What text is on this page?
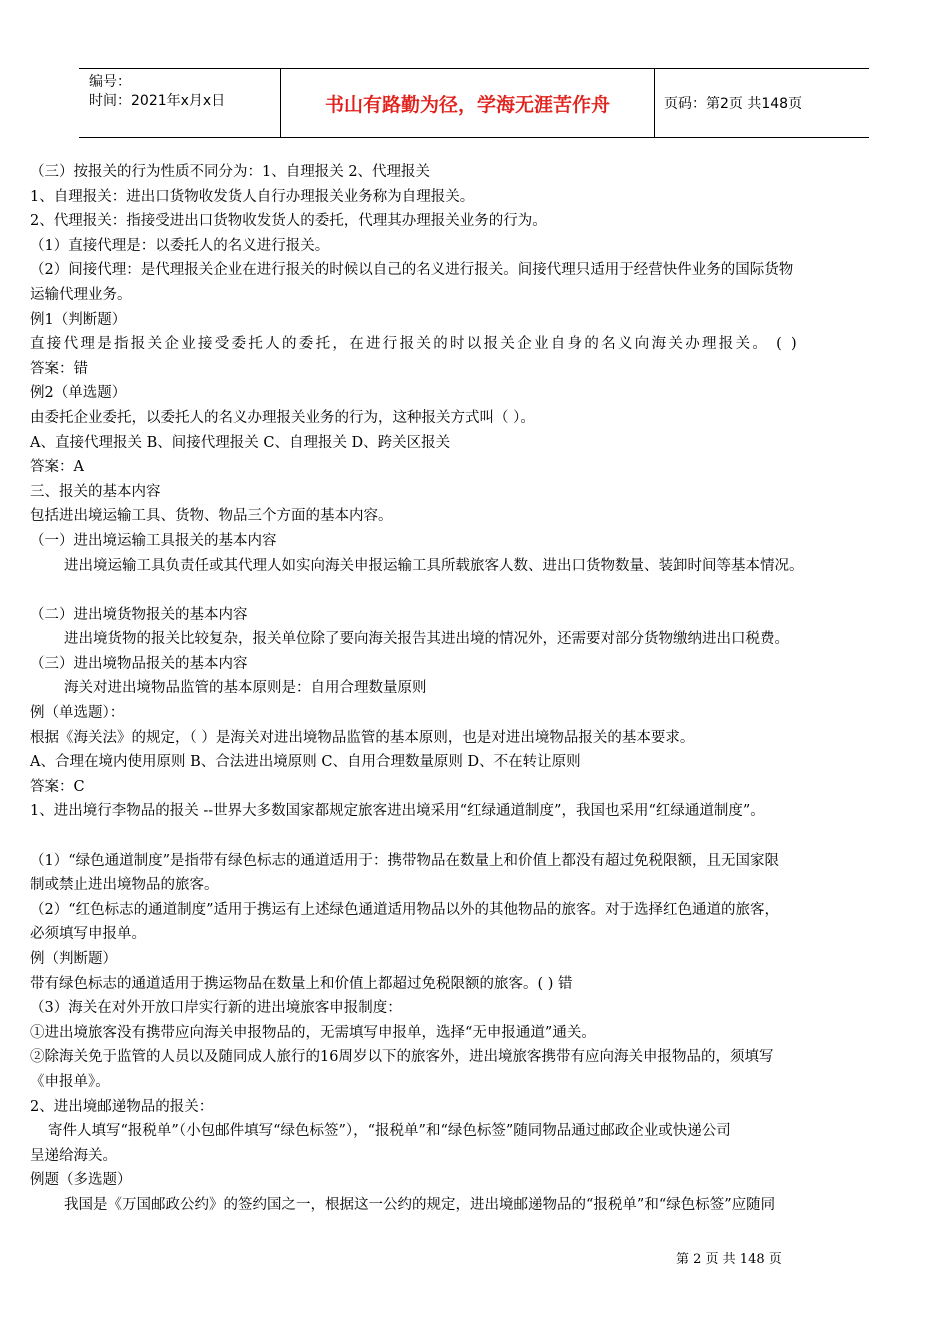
编号：
时间：2021年x月x日	书山有路勤为径，学海无涯苦作舟	页码：第2页 共148页
（三）按报关的行为性质不同分为：1、自理报关 2、代理报关
1、自理报关：进出口货物收发货人自行办理报关业务称为自理报关。
2、代理报关：指接受进出口货物收发货人的委托，代理其办理报关业务的行为。
（1）直接代理是：以委托人的名义进行报关。
（2）间接代理：是代理报关企业在进行报关的时候以自己的名义进行报关。间接代理只适用于经营快件业务的国际货物
运输代理业务。
例1（判断题）
直接代理是指报关企业接受委托人的委托，在进行报关的时以报关企业自身的名义向海关办理报关。 ( )
答案：错
例2（单选题）
由委托企业委托，以委托人的名义办理报关业务的行为，这种报关方式叫（ ）。
A、直接代理报关 B、间接代理报关 C、自理报关 D、跨关区报关
答案：A
三、报关的基本内容
包括进出境运输工具、货物、物品三个方面的基本内容。
（一）进出境运输工具报关的基本内容
进出境运输工具负责任或其代理人如实向海关申报运输工具所载旅客人数、进出口货物数量、装卸时间等基本情况。
（二）进出境货物报关的基本内容
进出境货物的报关比较复杂，报关单位除了要向海关报告其进出境的情况外，还需要对部分货物缴纳进出口税费。
（三）进出境物品报关的基本内容
海关对进出境物品监管的基本原则是：自用合理数量原则
例（单选题）：
根据《海关法》的规定，（ ）是海关对进出境物品监管的基本原则，也是对进出境物品报关的基本要求。
A、合理在境内使用原则 B、合法进出境原则 C、自用合理数量原则 D、不在转让原则
答案：C
1、进出境行李物品的报关 --世界大多数国家都规定旅客进出境采用“红绿通道制度”，我国也采用“红绿通道制度”。
（1）“绿色通道制度”是指带有绿色标志的通道适用于：携带物品在数量上和价值上都没有超过免税限额，且无国家限
制或禁止进出境物品的旅客。
（2）“红色标志的通道制度”适用于携运有上述绿色通道适用物品以外的其他物品的旅客。对于选择红色通道的旅客，
必须填写申报单。
例（判断题）
带有绿色标志的通道适用于携运物品在数量上和价值上都超过免税限额的旅客。( ) 错
（3）海关在对外开放口岸实行新的进出境旅客申报制度：
①进出境旅客没有携带应向海关申报物品的，无需填写申报单，选择“无申报通道”通关。
②除海关免于监管的人员以及随同成人旅行的16周岁以下的旅客外，进出境旅客携带有应向海关申报物品的，须填写
《申报单》。
2、进出境邮递物品的报关：
寄件人填写“报税单”（小包邮件填写“绿色标签”），“报税单”和“绿色标签”随同物品通过邮政企业或快递公司
呈递给海关。
例题（多选题）
我国是《万国邮政公约》的签约国之一，根据这一公约的规定，进出境邮递物品的“报税单”和“绿色标签”应随同
第 2 页 共 148 页
